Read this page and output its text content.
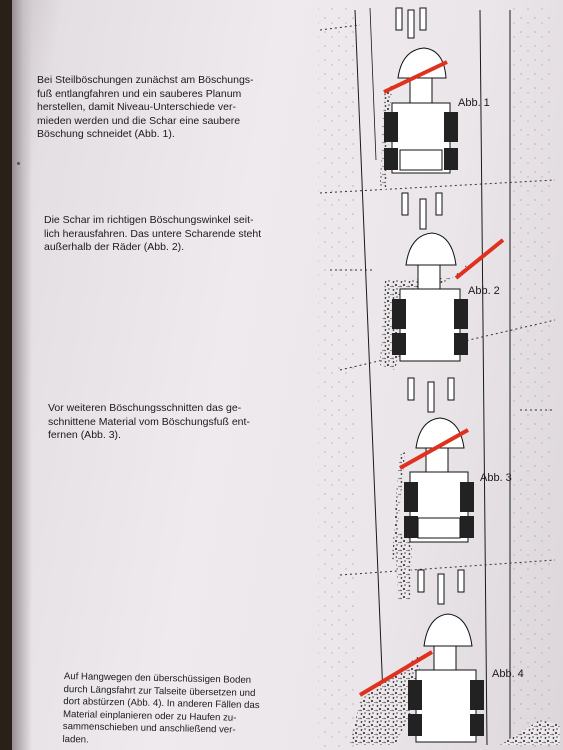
Bei Steilböschungen zunächst am Böschungs-
fuß entlangfahren und ein sauberes Planum
herstellen, damit Niveau-Unterschiede ver-
mieden werden und die Schar eine saubere
Böschung schneidet (Abb. 1).
Die Schar im richtigen Böschungswinkel seit-
lich herausfahren. Das untere Scharende steht
außerhalb der Räder (Abb. 2).
Vor weiteren Böschungsschnitten das ge-
schnittene Material vom Böschungsfuß ent-
fernen (Abb. 3).
Auf Hangwegen den überschüssigen Boden
durch Längsfahrt zur Talseite übersetzen und
dort abstürzen (Abb. 4). In anderen Fällen das
Material einplanieren oder zu Haufen zu-
sammenschieben und anschließend ver-
laden.
Abb. 1
Abb. 2
Abb. 3
Abb. 4
